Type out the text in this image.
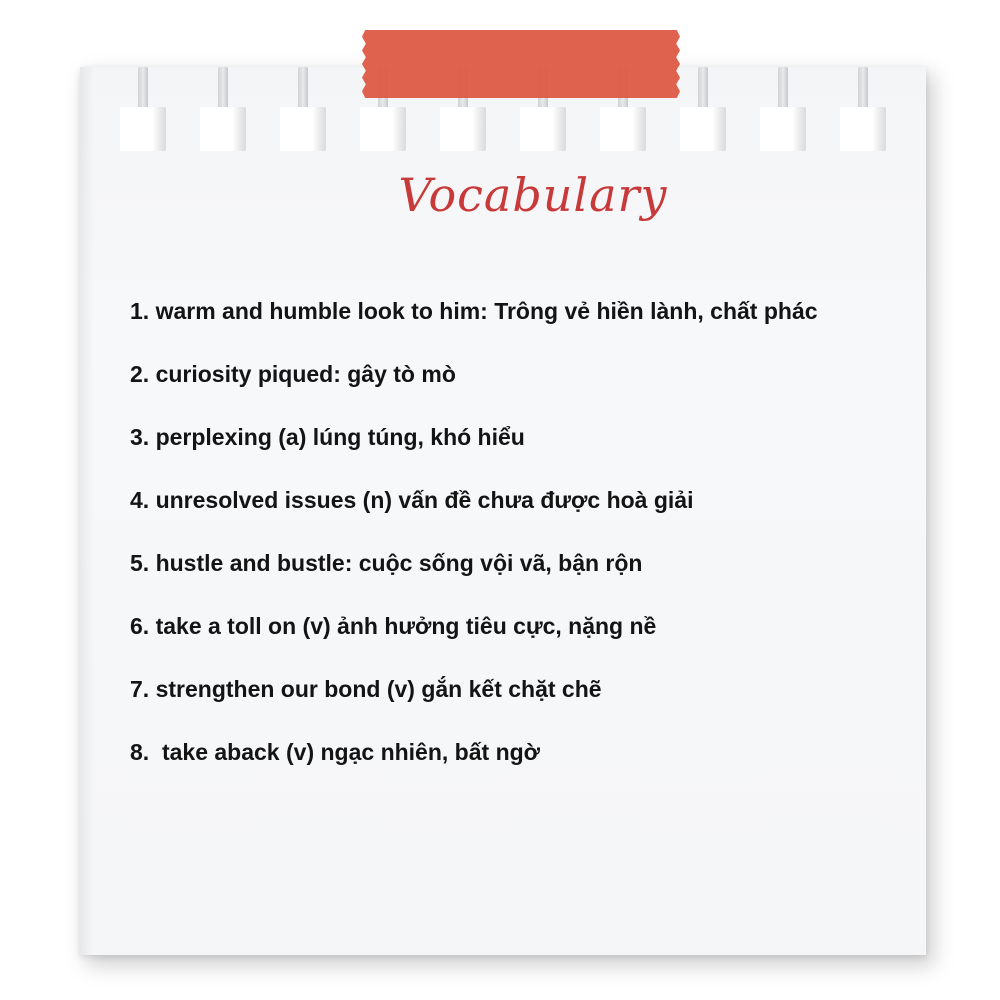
Vocabulary
1. warm and humble look to him: Trông vẻ hiền lành, chất phác
2. curiosity piqued: gây tò mò
3. perplexing (a) lúng túng, khó hiểu
4. unresolved issues (n) vấn đề chưa được hoà giải
5. hustle and bustle: cuộc sống vội vã, bận rộn
6. take a toll on (v) ảnh hưởng tiêu cực, nặng nề
7. strengthen our bond (v) gắn kết chặt chẽ
8.  take aback (v) ngạc nhiên, bất ngờ
